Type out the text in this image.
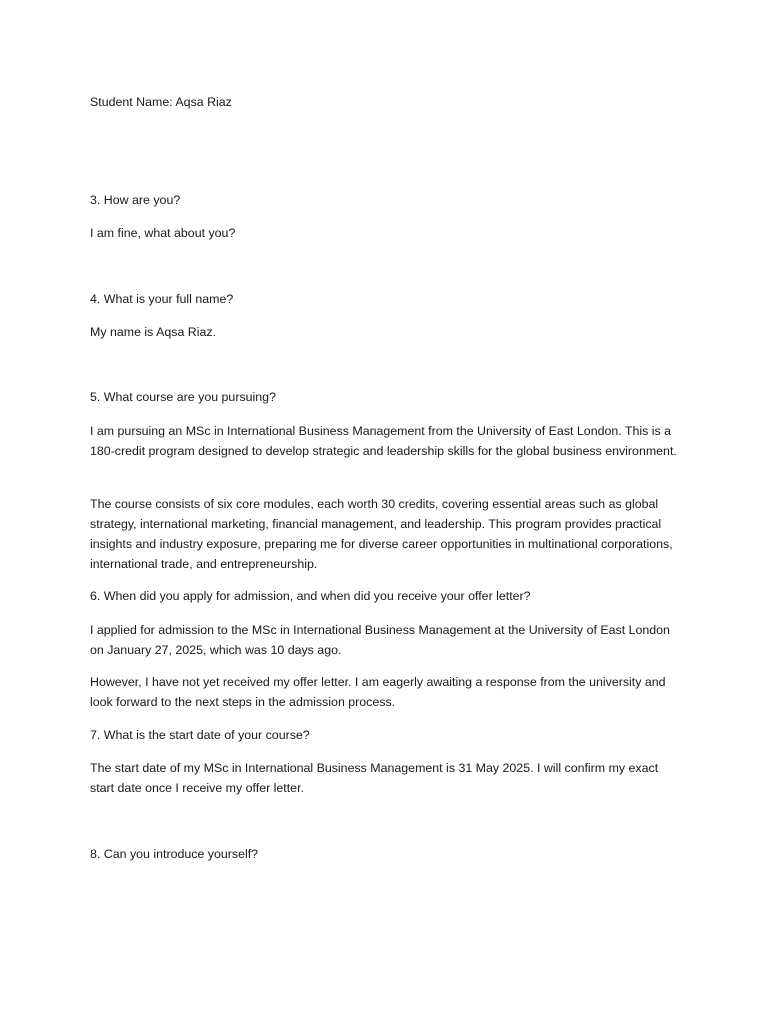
Student Name: Aqsa Riaz

3. How are you?

I am fine, what about you?

4. What is your full name?

My name is Aqsa Riaz.

5. What course are you pursuing?

I am pursuing an MSc in International Business Management from the University of East London. This is a 180-credit program designed to develop strategic and leadership skills for the global business environment.

The course consists of six core modules, each worth 30 credits, covering essential areas such as global strategy, international marketing, financial management, and leadership. This program provides practical insights and industry exposure, preparing me for diverse career opportunities in multinational corporations, international trade, and entrepreneurship.

6. When did you apply for admission, and when did you receive your offer letter?

I applied for admission to the MSc in International Business Management at the University of East London on January 27, 2025, which was 10 days ago.

However, I have not yet received my offer letter. I am eagerly awaiting a response from the university and look forward to the next steps in the admission process.

7. What is the start date of your course?

The start date of my MSc in International Business Management is 31 May 2025. I will confirm my exact start date once I receive my offer letter.

8. Can you introduce yourself?
